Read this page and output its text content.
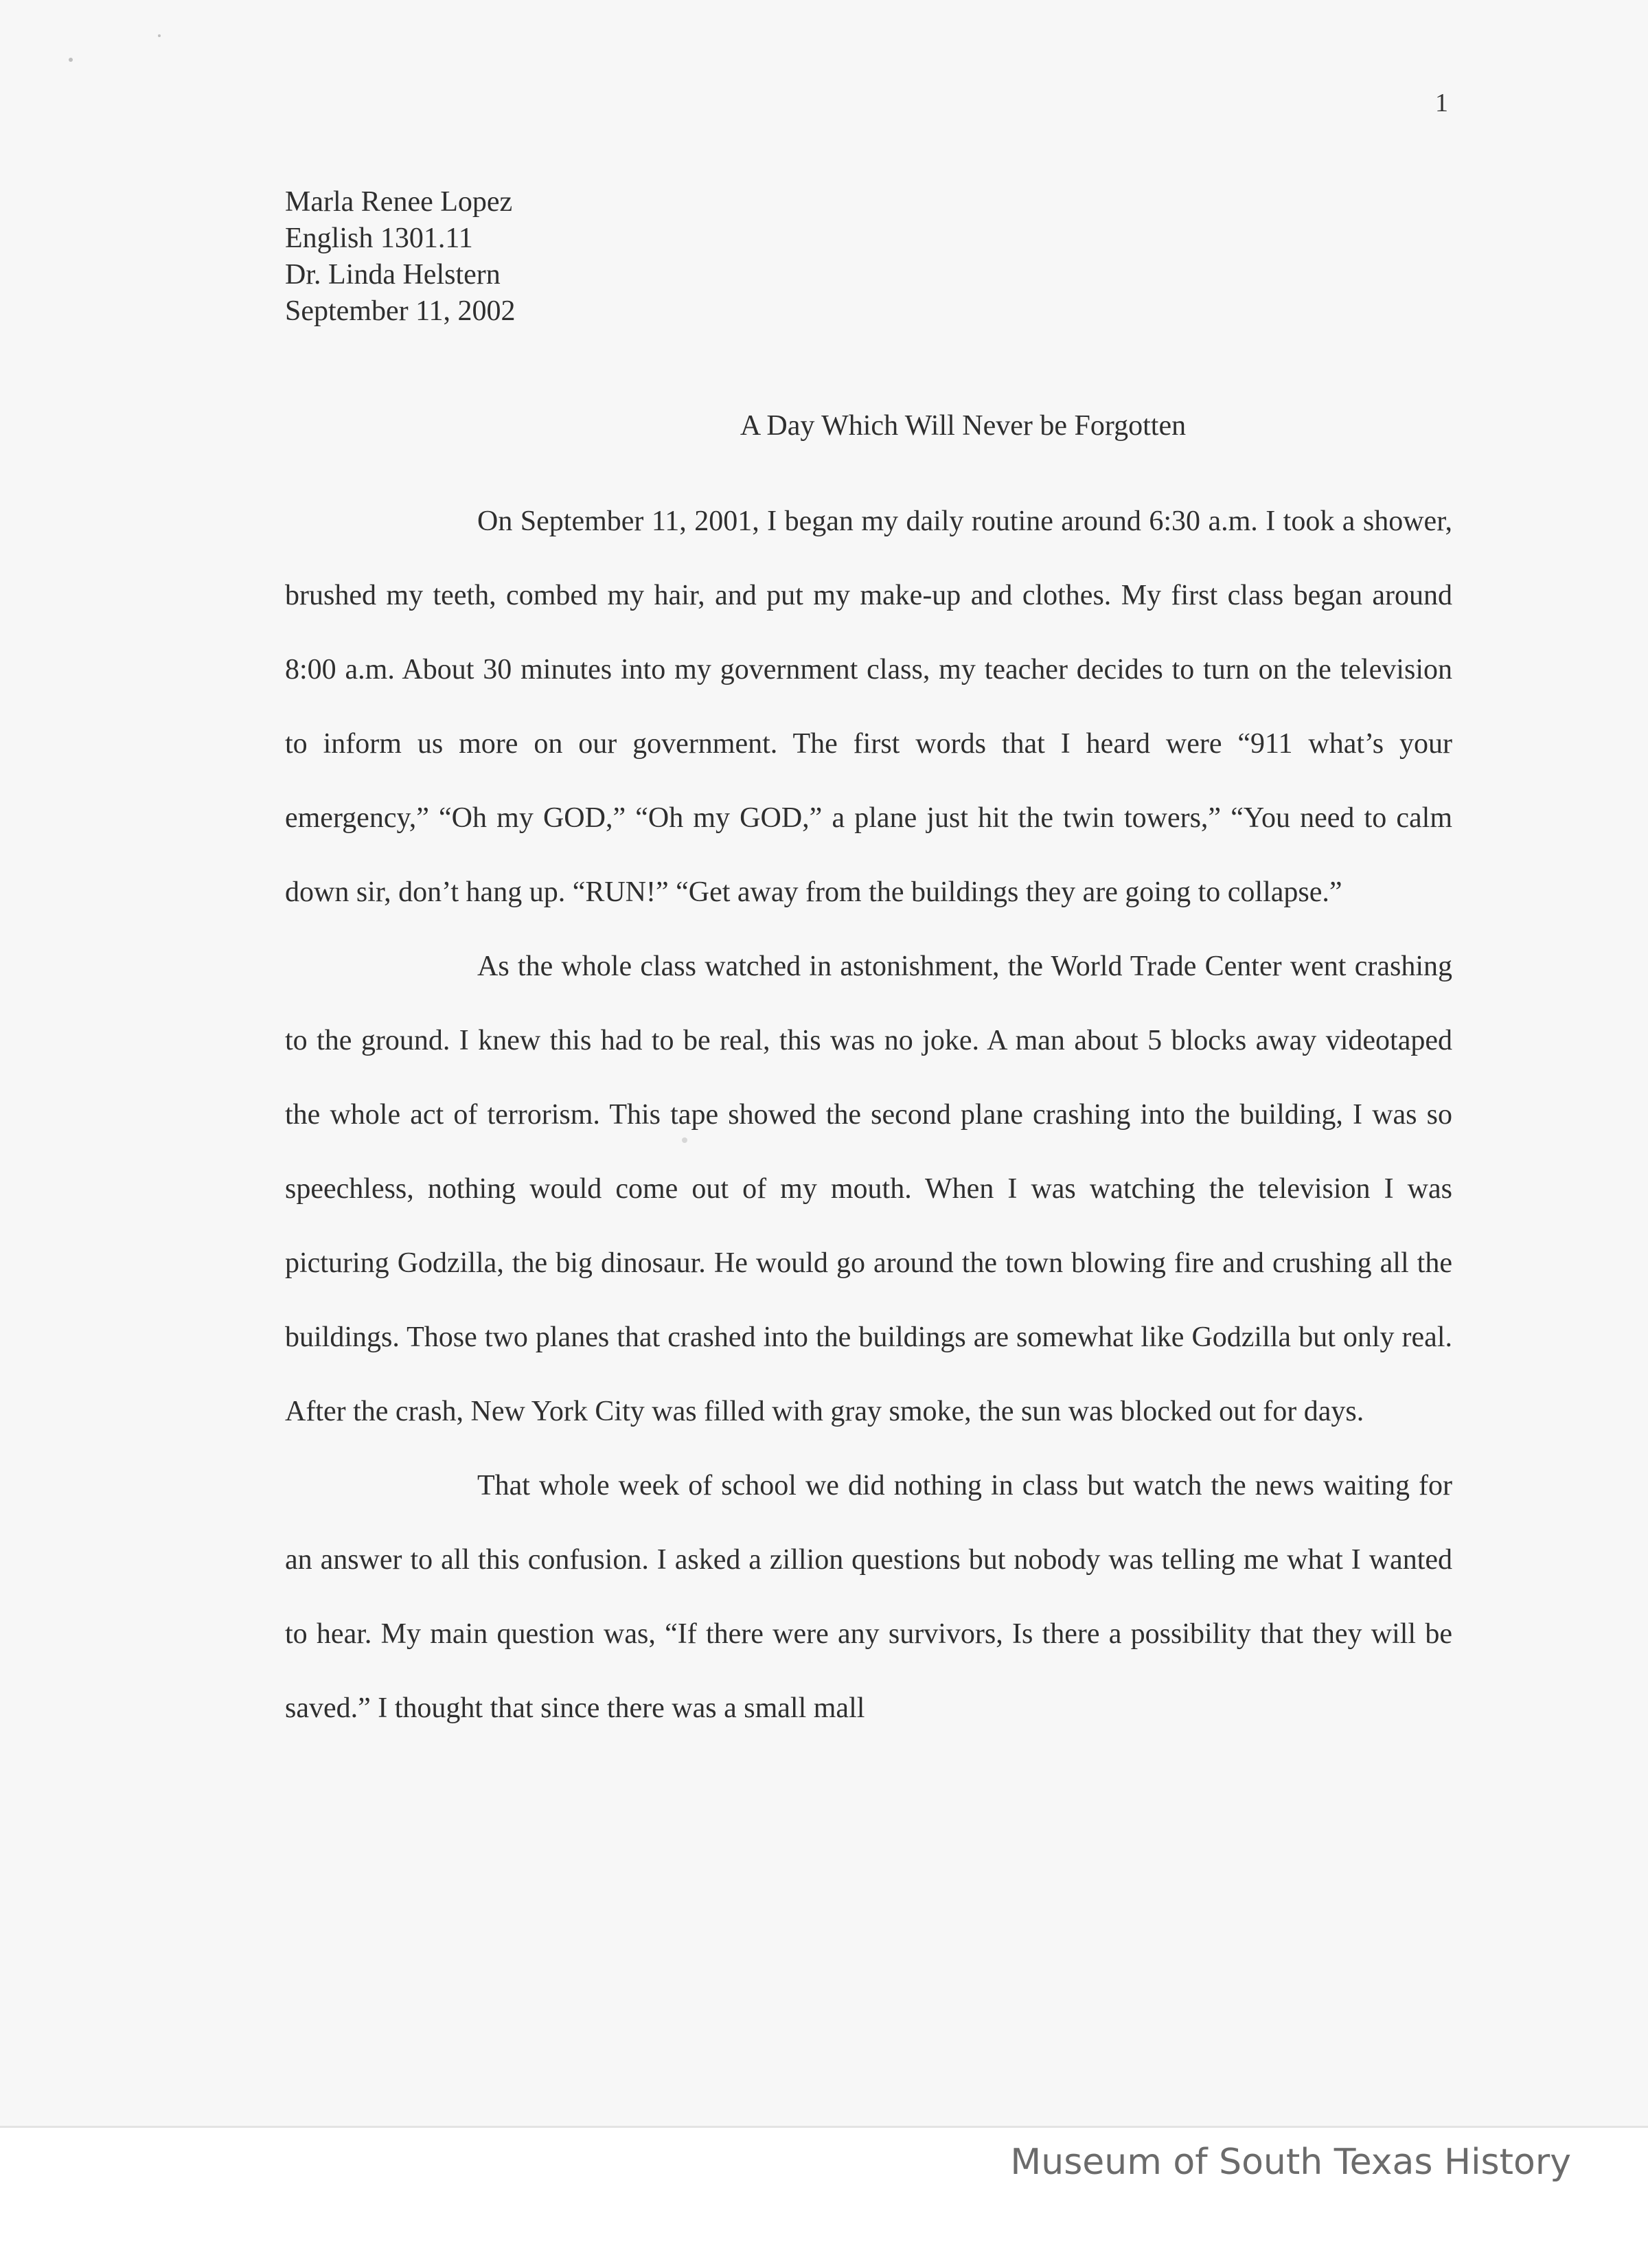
1
Marla Renee Lopez
English 1301.11
Dr. Linda Helstern
September 11, 2002
A Day Which Will Never be Forgotten

On September 11, 2001, I began my daily routine around 6:30 a.m. I took a shower, brushed my teeth, combed my hair, and put my make-up and clothes. My first class began around 8:00 a.m. About 30 minutes into my government class, my teacher decides to turn on the television to inform us more on our government. The first words that I heard were “911 what’s your emergency,” “Oh my GOD,” “Oh my GOD,” a plane just hit the twin towers,” “You need to calm down sir, don’t hang up. “RUN!” “Get away from the buildings they are going to collapse.”

As the whole class watched in astonishment, the World Trade Center went crashing to the ground. I knew this had to be real, this was no joke. A man about 5 blocks away videotaped the whole act of terrorism. This tape showed the second plane crashing into the building, I was so speechless, nothing would come out of my mouth. When I was watching the television I was picturing Godzilla, the big dinosaur. He would go around the town blowing fire and crushing all the buildings. Those two planes that crashed into the buildings are somewhat like Godzilla but only real. After the crash, New York City was filled with gray smoke, the sun was blocked out for days.

That whole week of school we did nothing in class but watch the news waiting for an answer to all this confusion. I asked a zillion questions but nobody was telling me what I wanted to hear. My main question was, “If there were any survivors, Is there a possibility that they will be saved.” I thought that since there was a small mall

Museum of South Texas History
